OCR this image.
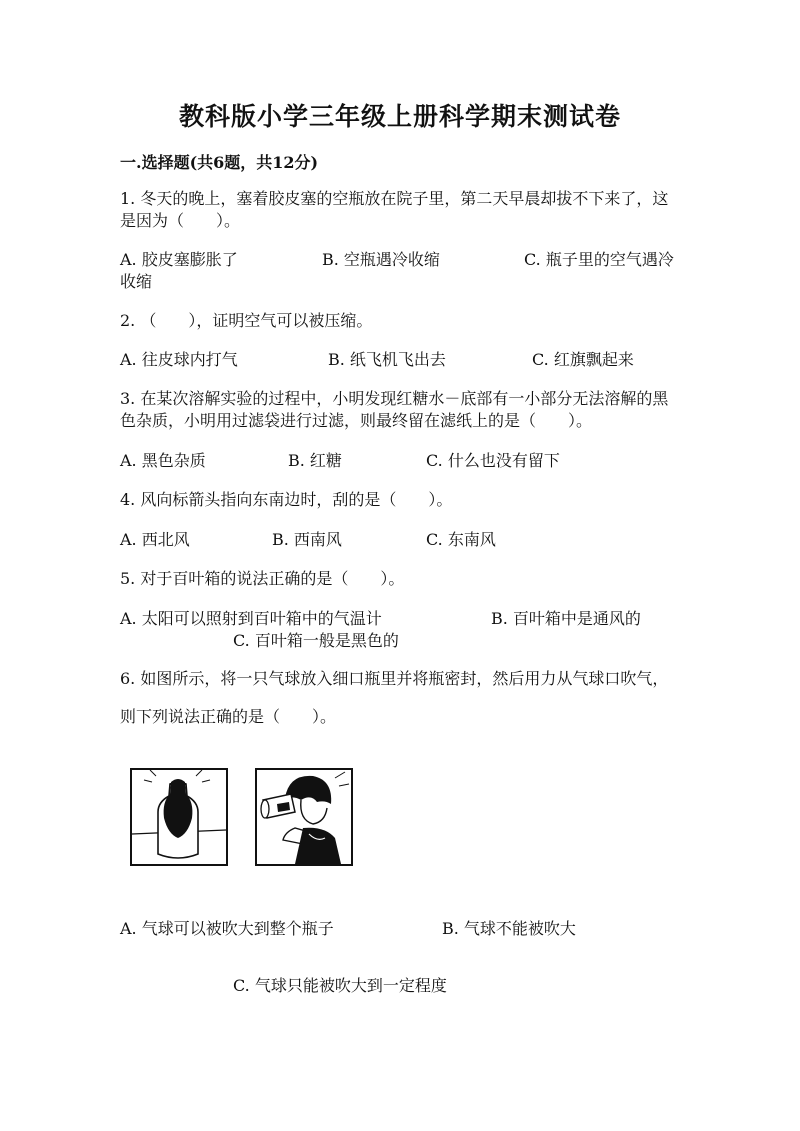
教科版小学三年级上册科学期末测试卷
一.选择题(共6题，共12分)
1. 冬天的晚上，塞着胶皮塞的空瓶放在院子里，第二天早晨却拔不下来了，这
是因为（　　）。
A. 胶皮塞膨胀了	B. 空瓶遇冷收缩	C. 瓶子里的空气遇冷
收缩
2. （　　），证明空气可以被压缩。
A. 往皮球内打气	B. 纸飞机飞出去	C. 红旗飘起来
3. 在某次溶解实验的过程中，小明发现红糖水－底部有一小部分无法溶解的黑
色杂质，小明用过滤袋进行过滤，则最终留在滤纸上的是（　　）。
A. 黑色杂质	B. 红糖	C. 什么也没有留下
4. 风向标箭头指向东南边时，刮的是（　　）。
A. 西北风	B. 西南风	C. 东南风
5. 对于百叶箱的说法正确的是（　　）。
A. 太阳可以照射到百叶箱中的气温计	B. 百叶箱中是通风的
C. 百叶箱一般是黑色的
6. 如图所示，将一只气球放入细口瓶里并将瓶密封，然后用力从气球口吹气，
则下列说法正确的是（　　）。
A. 气球可以被吹大到整个瓶子	B. 气球不能被吹大
C. 气球只能被吹大到一定程度
